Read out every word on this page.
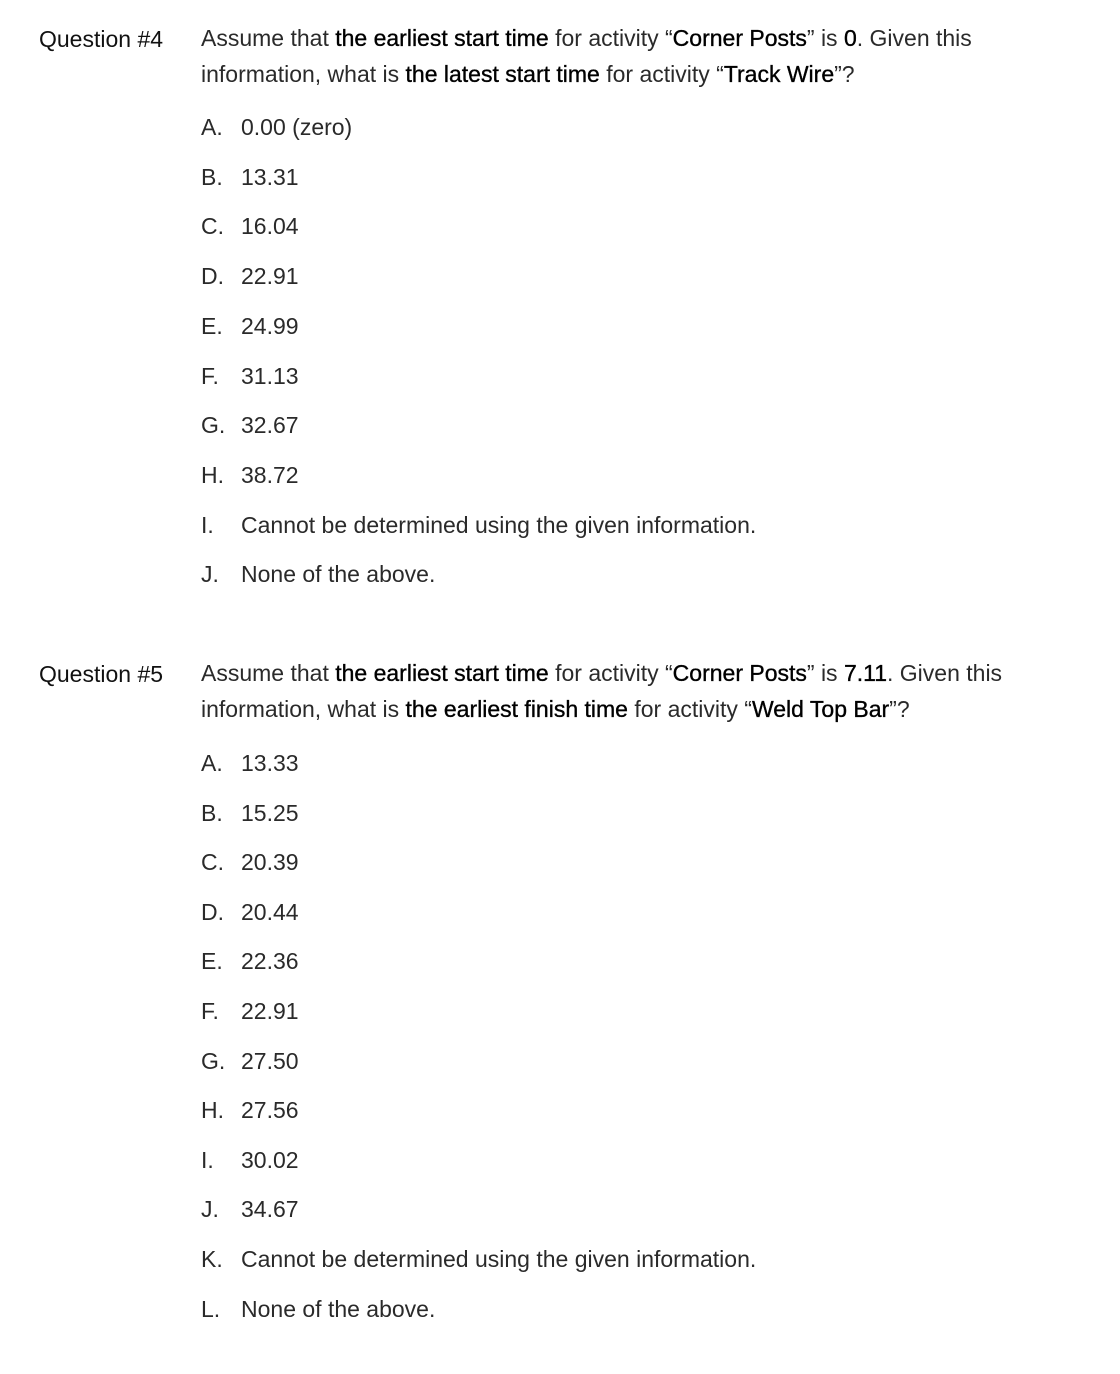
Question #4 Assume that the earliest start time for activity “Corner Posts” is 0. Given this information, what is the latest start time for activity “Track Wire”?
A. 0.00 (zero)
B. 13.31
C. 16.04
D. 22.91
E. 24.99
F. 31.13
G. 32.67
H. 38.72
I. Cannot be determined using the given information.
J. None of the above.
Question #5 Assume that the earliest start time for activity “Corner Posts” is 7.11. Given this information, what is the earliest finish time for activity “Weld Top Bar”?
A. 13.33
B. 15.25
C. 20.39
D. 20.44
E. 22.36
F. 22.91
G. 27.50
H. 27.56
I. 30.02
J. 34.67
K. Cannot be determined using the given information.
L. None of the above.
